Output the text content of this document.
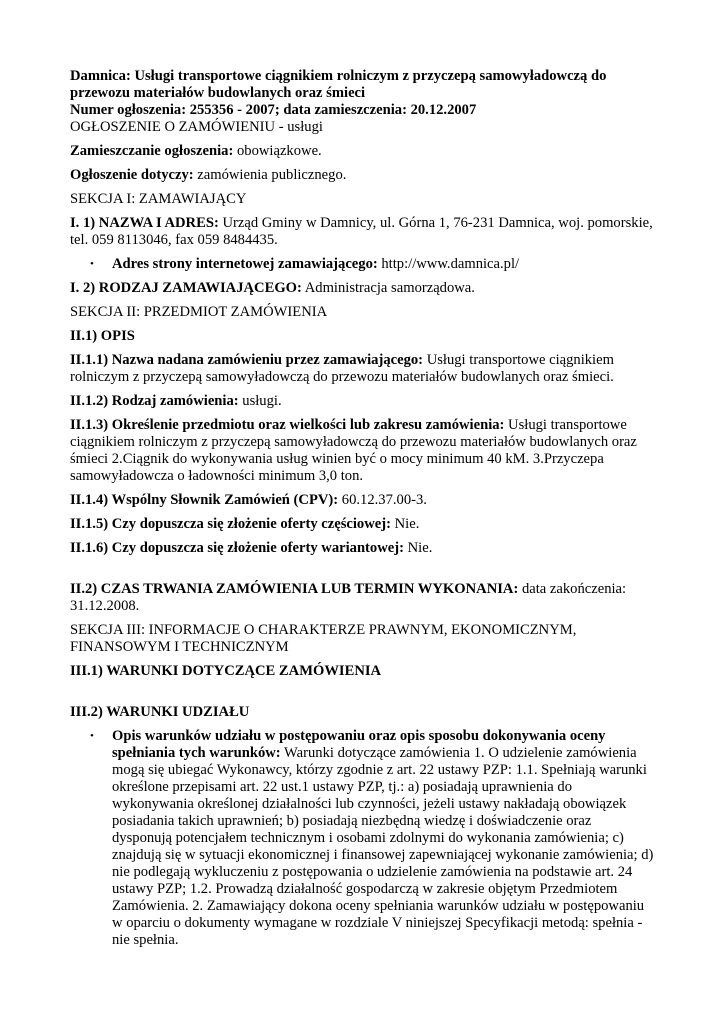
Damnica: Usługi transportowe ciągnikiem rolniczym z przyczepą samowyładowczą do
przewozu materiałów budowlanych oraz śmieci
Numer ogłoszenia: 255356 - 2007; data zamieszczenia: 20.12.2007

OGŁOSZENIE O ZAMÓWIENIU - usługi

Zamieszczanie ogłoszenia: obowiązkowe.

Ogłoszenie dotyczy: zamówienia publicznego.

SEKCJA I: ZAMAWIAJĄCY

I. 1) NAZWA I ADRES: Urząd Gminy w Damnicy, ul. Górna 1, 76-231 Damnica, woj. pomorskie, tel. 059 8113046, fax 059 8484435.

• Adres strony internetowej zamawiającego: http://www.damnica.pl/

I. 2) RODZAJ ZAMAWIAJĄCEGO: Administracja samorządowa.

SEKCJA II: PRZEDMIOT ZAMÓWIENIA

II.1) OPIS

II.1.1) Nazwa nadana zamówieniu przez zamawiającego: Usługi transportowe ciągnikiem rolniczym z przyczepą samowyładowczą do przewozu materiałów budowlanych oraz śmieci.

II.1.2) Rodzaj zamówienia: usługi.

II.1.3) Określenie przedmiotu oraz wielkości lub zakresu zamówienia: Usługi transportowe ciągnikiem rolniczym z przyczepą samowyładowczą do przewozu materiałów budowlanych oraz śmieci 2.Ciągnik do wykonywania usług winien być o mocy minimum 40 kM. 3.Przyczepa samowyładowcza o ładowności minimum 3,0 ton.

II.1.4) Wspólny Słownik Zamówień (CPV): 60.12.37.00-3.

II.1.5) Czy dopuszcza się złożenie oferty częściowej: Nie.

II.1.6) Czy dopuszcza się złożenie oferty wariantowej: Nie.

II.2) CZAS TRWANIA ZAMÓWIENIA LUB TERMIN WYKONANIA: data zakończenia: 31.12.2008.

SEKCJA III: INFORMACJE O CHARAKTERZE PRAWNYM, EKONOMICZNYM, FINANSOWYM I TECHNICZNYM

III.1) WARUNKI DOTYCZĄCE ZAMÓWIENIA

III.2) WARUNKI UDZIAŁU

• Opis warunków udziału w postępowaniu oraz opis sposobu dokonywania oceny spełniania tych warunków: Warunki dotyczące zamówienia 1. O udzielenie zamówienia mogą się ubiegać Wykonawcy, którzy zgodnie z art. 22 ustawy PZP: 1.1. Spełniają warunki określone przepisami art. 22 ust.1 ustawy PZP, tj.: a) posiadają uprawnienia do wykonywania określonej działalności lub czynności, jeżeli ustawy nakładają obowiązek posiadania takich uprawnień; b) posiadają niezbędną wiedzę i doświadczenie oraz dysponują potencjałem technicznym i osobami zdolnymi do wykonania zamówienia; c) znajdują się w sytuacji ekonomicznej i finansowej zapewniającej wykonanie zamówienia; d) nie podlegają wykluczeniu z postępowania o udzielenie zamówienia na podstawie art. 24 ustawy PZP; 1.2. Prowadzą działalność gospodarczą w zakresie objętym Przedmiotem Zamówienia. 2. Zamawiający dokona oceny spełniania warunków udziału w postępowaniu w oparciu o dokumenty wymagane w rozdziale V niniejszej Specyfikacji metodą: spełnia - nie spełnia.
